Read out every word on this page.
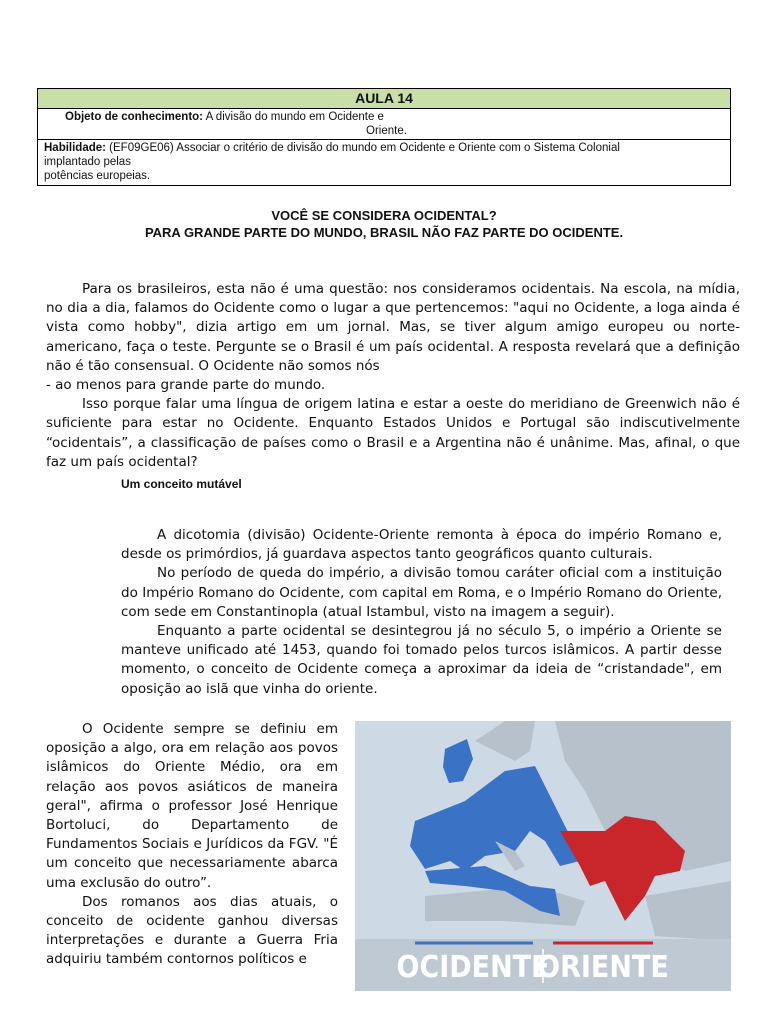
AULA 14
Objeto de conhecimento: A divisão do mundo em Ocidente e
Oriente.
Habilidade: (EF09GE06) Associar o critério de divisão do mundo em Ocidente e Oriente com o Sistema Colonial
implantado pelas
potências europeias.
VOCÊ SE CONSIDERA OCIDENTAL?
PARA GRANDE PARTE DO MUNDO, BRASIL NÃO FAZ PARTE DO OCIDENTE.

Para os brasileiros, esta não é uma questão: nos consideramos ocidentais. Na escola, na mídia, no dia a dia, falamos do Ocidente como o lugar a que pertencemos: "aqui no Ocidente, a loga ainda é vista como hobby", dizia artigo em um jornal. Mas, se tiver algum amigo europeu ou norte- americano, faça o teste. Pergunte se o Brasil é um país ocidental. A resposta revelará que a definição não é tão consensual. O Ocidente não somos nós

- ao menos para grande parte do mundo.

Isso porque falar uma língua de origem latina e estar a oeste do meridiano de Greenwich não é suficiente para estar no Ocidente. Enquanto Estados Unidos e Portugal são indiscutivelmente “ocidentais”, a classificação de países como o Brasil e a Argentina não é unânime. Mas, afinal, o que faz um país ocidental?

Um conceito mutável

A dicotomia (divisão) Ocidente-Oriente remonta à época do império Romano e, desde os primórdios, já guardava aspectos tanto geográficos quanto culturais.

No período de queda do império, a divisão tomou caráter oficial com a instituição do Império Romano do Ocidente, com capital em Roma, e o Império Romano do Oriente, com sede em Constantinopla (atual Istambul, visto na imagem a seguir).

Enquanto a parte ocidental se desintegrou já no século 5, o império a Oriente se manteve unificado até 1453, quando foi tomado pelos turcos islâmicos. A partir desse momento, o conceito de Ocidente começa a aproximar da ideia de “cristandade", em oposição ao islã que vinha do oriente.

O Ocidente sempre se definiu em oposição a algo, ora em relação aos povos islâmicos do Oriente Médio, ora em relação aos povos asiáticos de maneira geral", afirma o professor José Henrique Bortoluci, do Departamento de Fundamentos Sociais e Jurídicos da FGV. "É um conceito que necessariamente abarca uma exclusão do outro”.

Dos romanos aos dias atuais, o conceito de ocidente ganhou diversas interpretações e durante a Guerra Fria adquiriu também contornos políticos e	OCIDENTE
ORIENTE
